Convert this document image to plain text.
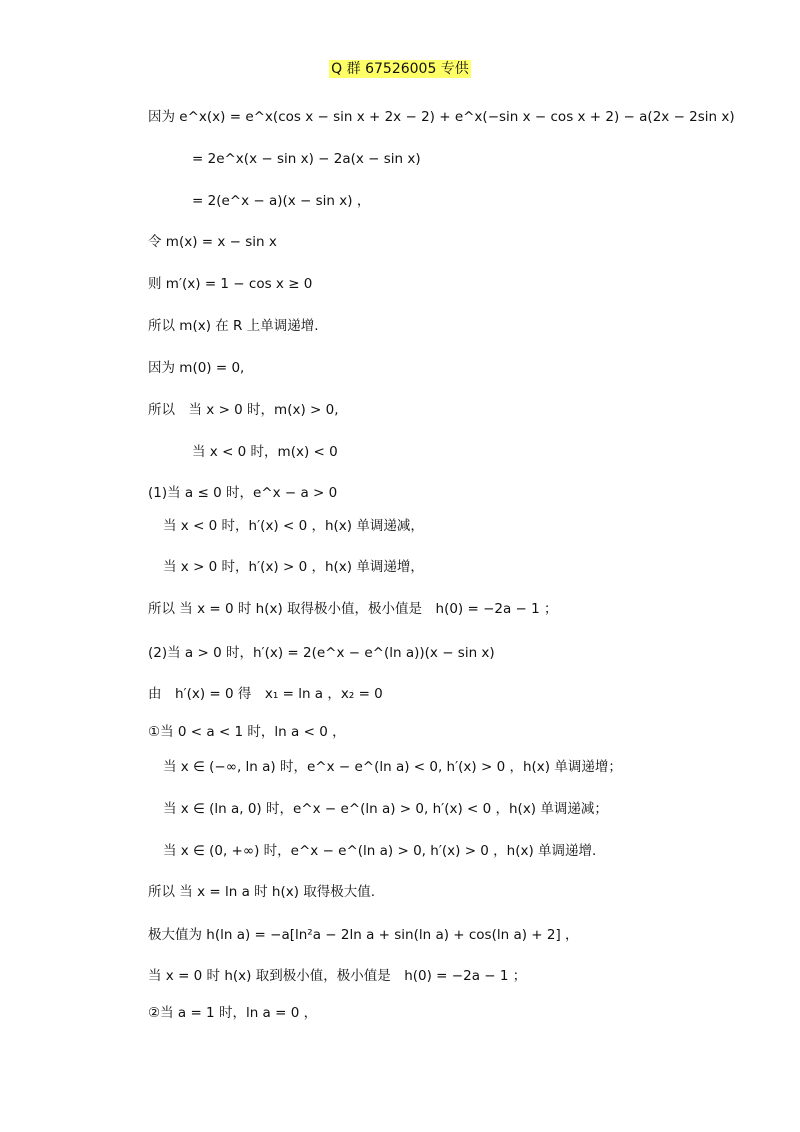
Q 群 67526005 专供
因为 e^x(x) = e^x(cos x − sin x + 2x − 2) + e^x(−sin x − cos x + 2) − a(2x − 2sin x)
= 2e^x(x − sin x) − 2a(x − sin x)
= 2(e^x − a)(x − sin x) ，
令 m(x) = x − sin x
则 m′(x) = 1 − cos x ≥ 0
所以 m(x) 在 R 上单调递增.
因为 m(0) = 0,
所以　当 x > 0 时，m(x) > 0,
当 x < 0 时，m(x) < 0
(1)当 a ≤ 0 时，e^x − a > 0
当 x < 0 时，h′(x) < 0 ，h(x) 单调递减，
当 x > 0 时，h′(x) > 0 ，h(x) 单调递增，
所以 当 x = 0 时 h(x) 取得极小值，极小值是　h(0) = −2a − 1 ；
(2)当 a > 0 时，h′(x) = 2(e^x − e^(ln a))(x − sin x)
由　h′(x) = 0 得　x₁ = ln a ，x₂ = 0
①当 0 < a < 1 时，ln a < 0 ，
当 x ∈ (−∞, ln a) 时，e^x − e^(ln a) < 0, h′(x) > 0 ，h(x) 单调递增；
当 x ∈ (ln a, 0) 时，e^x − e^(ln a) > 0, h′(x) < 0 ，h(x) 单调递减；
当 x ∈ (0, +∞) 时，e^x − e^(ln a) > 0, h′(x) > 0 ，h(x) 单调递增.
所以 当 x = ln a 时 h(x) 取得极大值.
极大值为 h(ln a) = −a[ln²a − 2ln a + sin(ln a) + cos(ln a) + 2] ，
当 x = 0 时 h(x) 取到极小值，极小值是　h(0) = −2a − 1 ；
②当 a = 1 时，ln a = 0 ，
